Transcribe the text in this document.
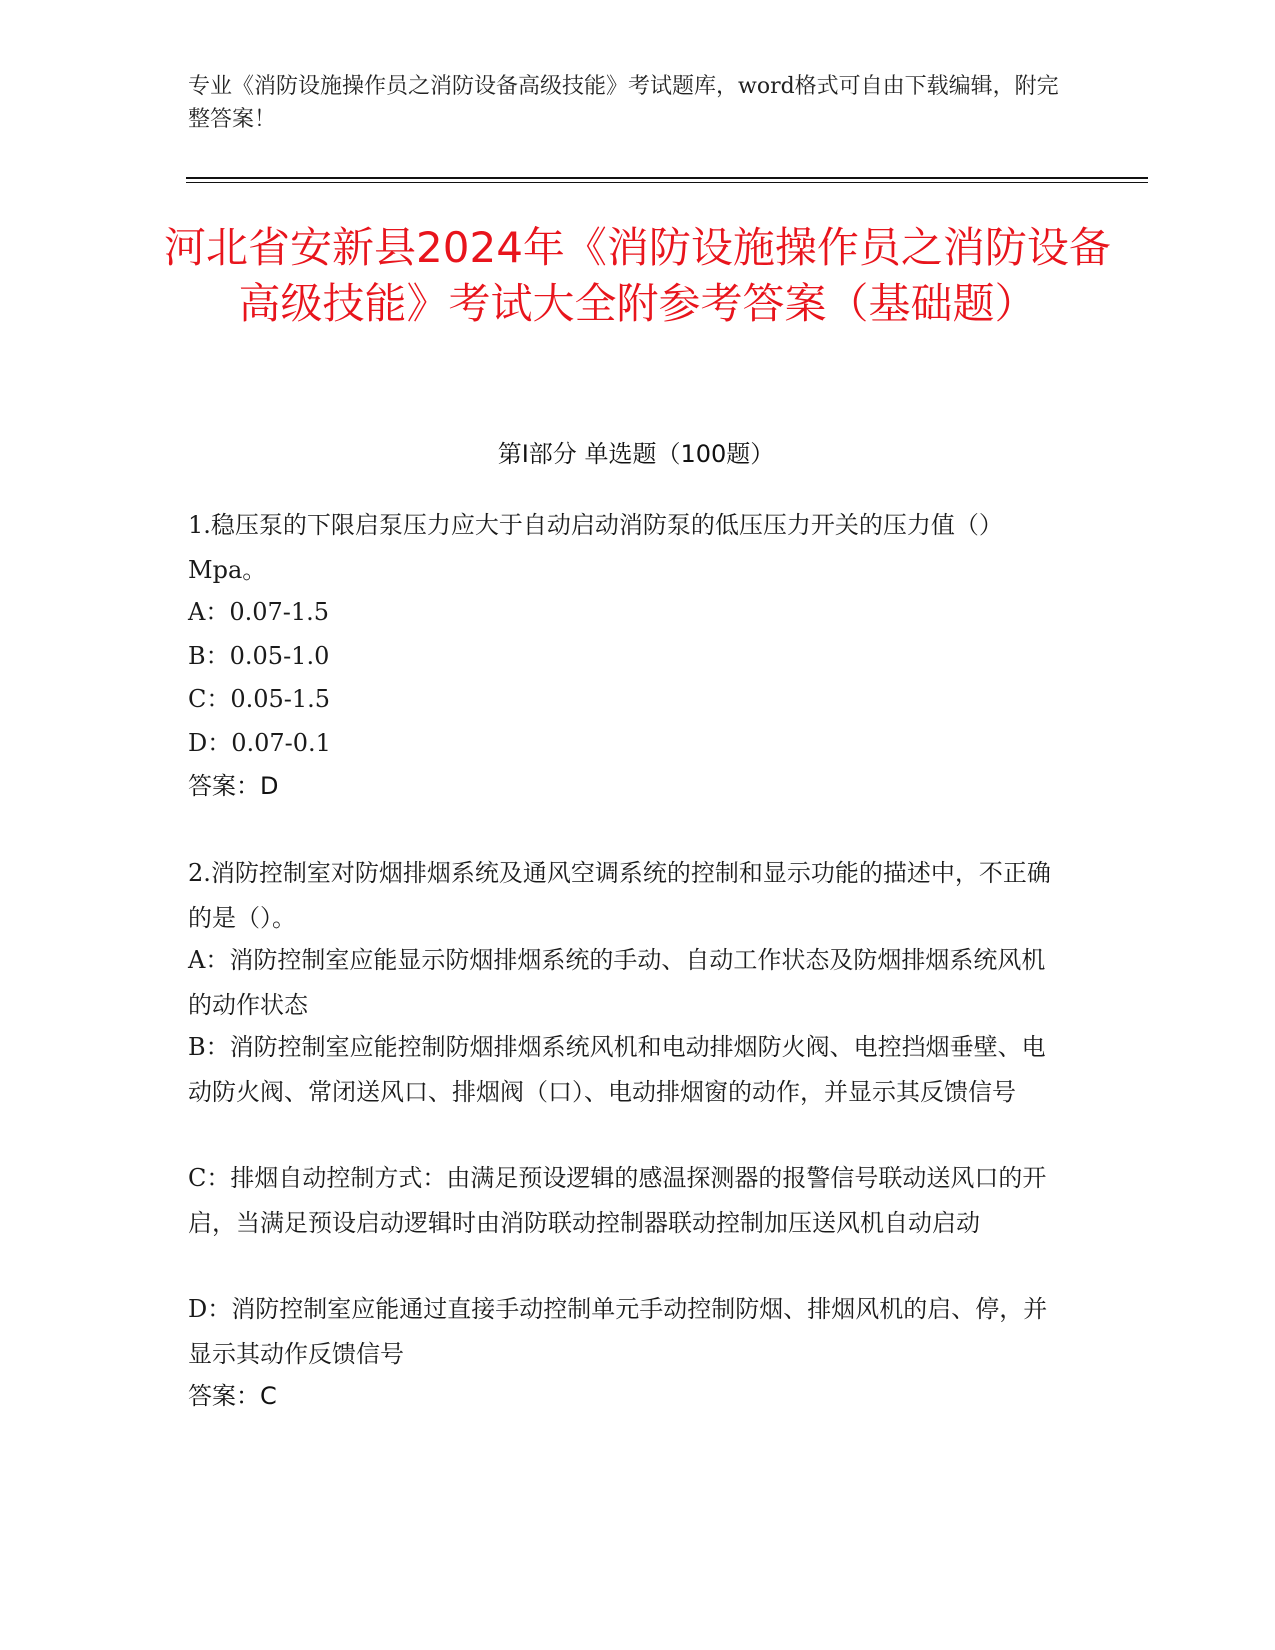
专业《消防设施操作员之消防设备高级技能》考试题库，word格式可自由下载编辑，附完整答案！
河北省安新县2024年《消防设施操作员之消防设备高级技能》考试大全附参考答案（基础题）
第Ⅰ部分 单选题（100题）
1.稳压泵的下限启泵压力应大于自动启动消防泵的低压压力开关的压力值（）Mpa。
A：0.07-1.5
B：0.05-1.0
C：0.05-1.5
D：0.07-0.1
答案：D
2.消防控制室对防烟排烟系统及通风空调系统的控制和显示功能的描述中，不正确的是（）。
A：消防控制室应能显示防烟排烟系统的手动、自动工作状态及防烟排烟系统风机的动作状态
B：消防控制室应能控制防烟排烟系统风机和电动排烟防火阀、电控挡烟垂壁、电动防火阀、常闭送风口、排烟阀（口）、电动排烟窗的动作，并显示其反馈信号
C：排烟自动控制方式：由满足预设逻辑的感温探测器的报警信号联动送风口的开启，当满足预设启动逻辑时由消防联动控制器联动控制加压送风机自动启动
D：消防控制室应能通过直接手动控制单元手动控制防烟、排烟风机的启、停，并显示其动作反馈信号
答案：C
